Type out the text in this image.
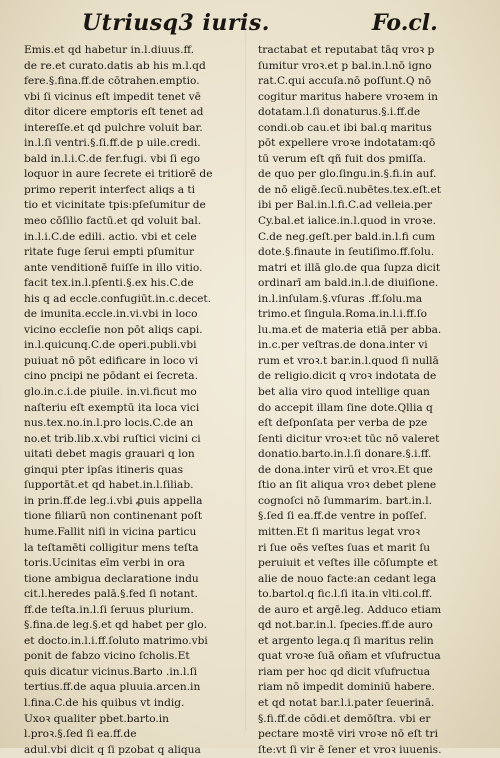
Utriusq3 iuris.	Fo.cl.
Emis.et qd habetur in.l.diuus.ff.
de re.et curato.datis ab his m.l.qd
fere.§.fina.ff.de cōtrahen.emptio.
vbi ſi vicinus eſt impedit tenet vē
ditor dicere emptoris eſt tenet ad
intereſſe.et qd pulchre voluit bar.
in.l.ſi ventri.§.ſi.ff.de p uile.credi.
bald in.l.i.C.de fer.fugi. vbi ſi ego
loquor in aure ſecrete ei tritiorē de
primo reperit interfect aliqs a ti
tio et vicinitate tpis:pſeſumitur de
meo cōſilio factū.et qd voluit bal.
in.l.i.C.de edili. actio. vbi et cele
ritate fuge ſerui empti pſumitur
ante venditionē fuiſſe in illo vitio.
facit tex.in.l.pſenti.§.ex his.C.de
his q ad eccle.confugiūt.in.c.decet.
de imunita.eccle.in.vi.vbi in loco
vicino eccleſie non pōt aliqs capi.
in.l.quicunq.C.de operi.publi.vbi
puiuat nō pōt edificare in loco vi
cino pncipi ne pōdant ei ſecreta.
glo.in.c.i.de piuile. in.vi.ficut mo
naſteriu eſt exemptū ita loca vici
nus.tex.no.in.l.pro locis.C.de an
no.et trib.lib.x.vbi ruſtici vicini ci
uitati debet magis grauari q lon
ginqui pter ipſas itineris quas
ſupportāt.et qd habet.in.l.ſiliab.
in prin.ff.de leg.i.vbi ꝓuis appella
tione filiarū non continenant poſt
hume.Fallit niſi in vicina particu
la teſtamēti colligitur mens teſta
toris.Ucinitas eīm verbi in ora
tione ambigua declaratione indu
cit.l.heredes palā.§.fed ſi notant.
ff.de teſta.in.l.ſi ſeruus plurium.
§.fina.de leg.§.et qd habet per glo.
et docto.in.l.i.ff.ſoluto matrimo.vbi
ponit de fabzo vicino ſcholis.Et
quis dicatur vicinus.Barto .in.l.ſi
tertius.ff.de aqua pluuia.arcen.in
l.fina.C.de his quibus vt indig.
Uxoꝛ qualiter pbet.barto.in
l.proꝛ.§.ſed ſi ea.ff.de
adul.vbi dicit q ſi pzobat q aliqua
tractabat et reputabat tāq vroꝛ p
ſumitur vroꝛ.et p bal.in.l.nō igno
rat.C.qui accuſa.nō poſſunt.Q nō
cogitur maritus habere vroꝛem in
dotatam.l.ſi donaturus.§.i.ff.de
condi.ob cau.et ibi bal.q maritus
pōt expellere vroꝛe indotatam:qō
tū verum eſt qñ fuit dos pmiſſa.
de quo per glo.ſingu.in.§.fi.in auf.
de nō eligē.ſecū.nubētes.tex.eſt.et
ibi per Bal.in.l.fi.C.ad velleia.per
Cy.bal.et ialice.in.l.quod in vroꝛe.
C.de neg.geſt.per bald.in.l.fi cum
dote.§.finaute in ſeutiſimo.ff.ſolu.
matri et illā glo.de qua ſupza dicit
ordinarī am bald.in.l.de diuiſione.
in.l.inſulam.§.vſuras .ff.ſolu.ma
trimo.et ſingula.Roma.in.l.i.ff.ſo
lu.ma.et de materia etiā per abba.
in.c.per veſtras.de dona.inter vi
rum et vroꝛ.t bar.in.l.quod ſi nullā
de religio.dicit q vroꝛ indotata de
bet alia viro quod intellige quan
do accepit illam ſine dote.Qllia q
eſt deſponſata per verba de pze
ſenti dicitur vroꝛ:et tūc nō valeret
donatio.barto.in.l.ſi donare.§.i.ff.
de dona.inter virū et vroꝛ.Et que
ſtio an ſit aliqua vroꝛ debet plene
cognoſci nō ſummarim. bart.in.l.
§.ſed ſi ea.ff.de ventre in poſſeſ.
mitten.Et ſi maritus legat vroꝛ
ri ſue oēs veſtes ſuas et marit ſu
peruiuit et veſtes ille cōſumpte et
alie de nouo facte:an cedant lega
to.bartol.q fic.l.ſi ita.in vlti.col.ff.
de auro et argē.leg. Adduco etiam
qd not.bar.in.l. ſpecies.ff.de auro
et argento lega.q ſi maritus relin
quat vroꝛe ſuā oñam et vſufructua
riam per hoc qd dicit vſufructua
riam nō impedit dominiū habere.
et qd notat bar.l.i.pater ſeuerinā.
§.fi.ff.de cōdi.et demōſtra. vbi er
pectare moꝛtē viri vroꝛe nō eſt tri
ſte:vt ſi vir ē ſener et vroꝛ iuuenis.
